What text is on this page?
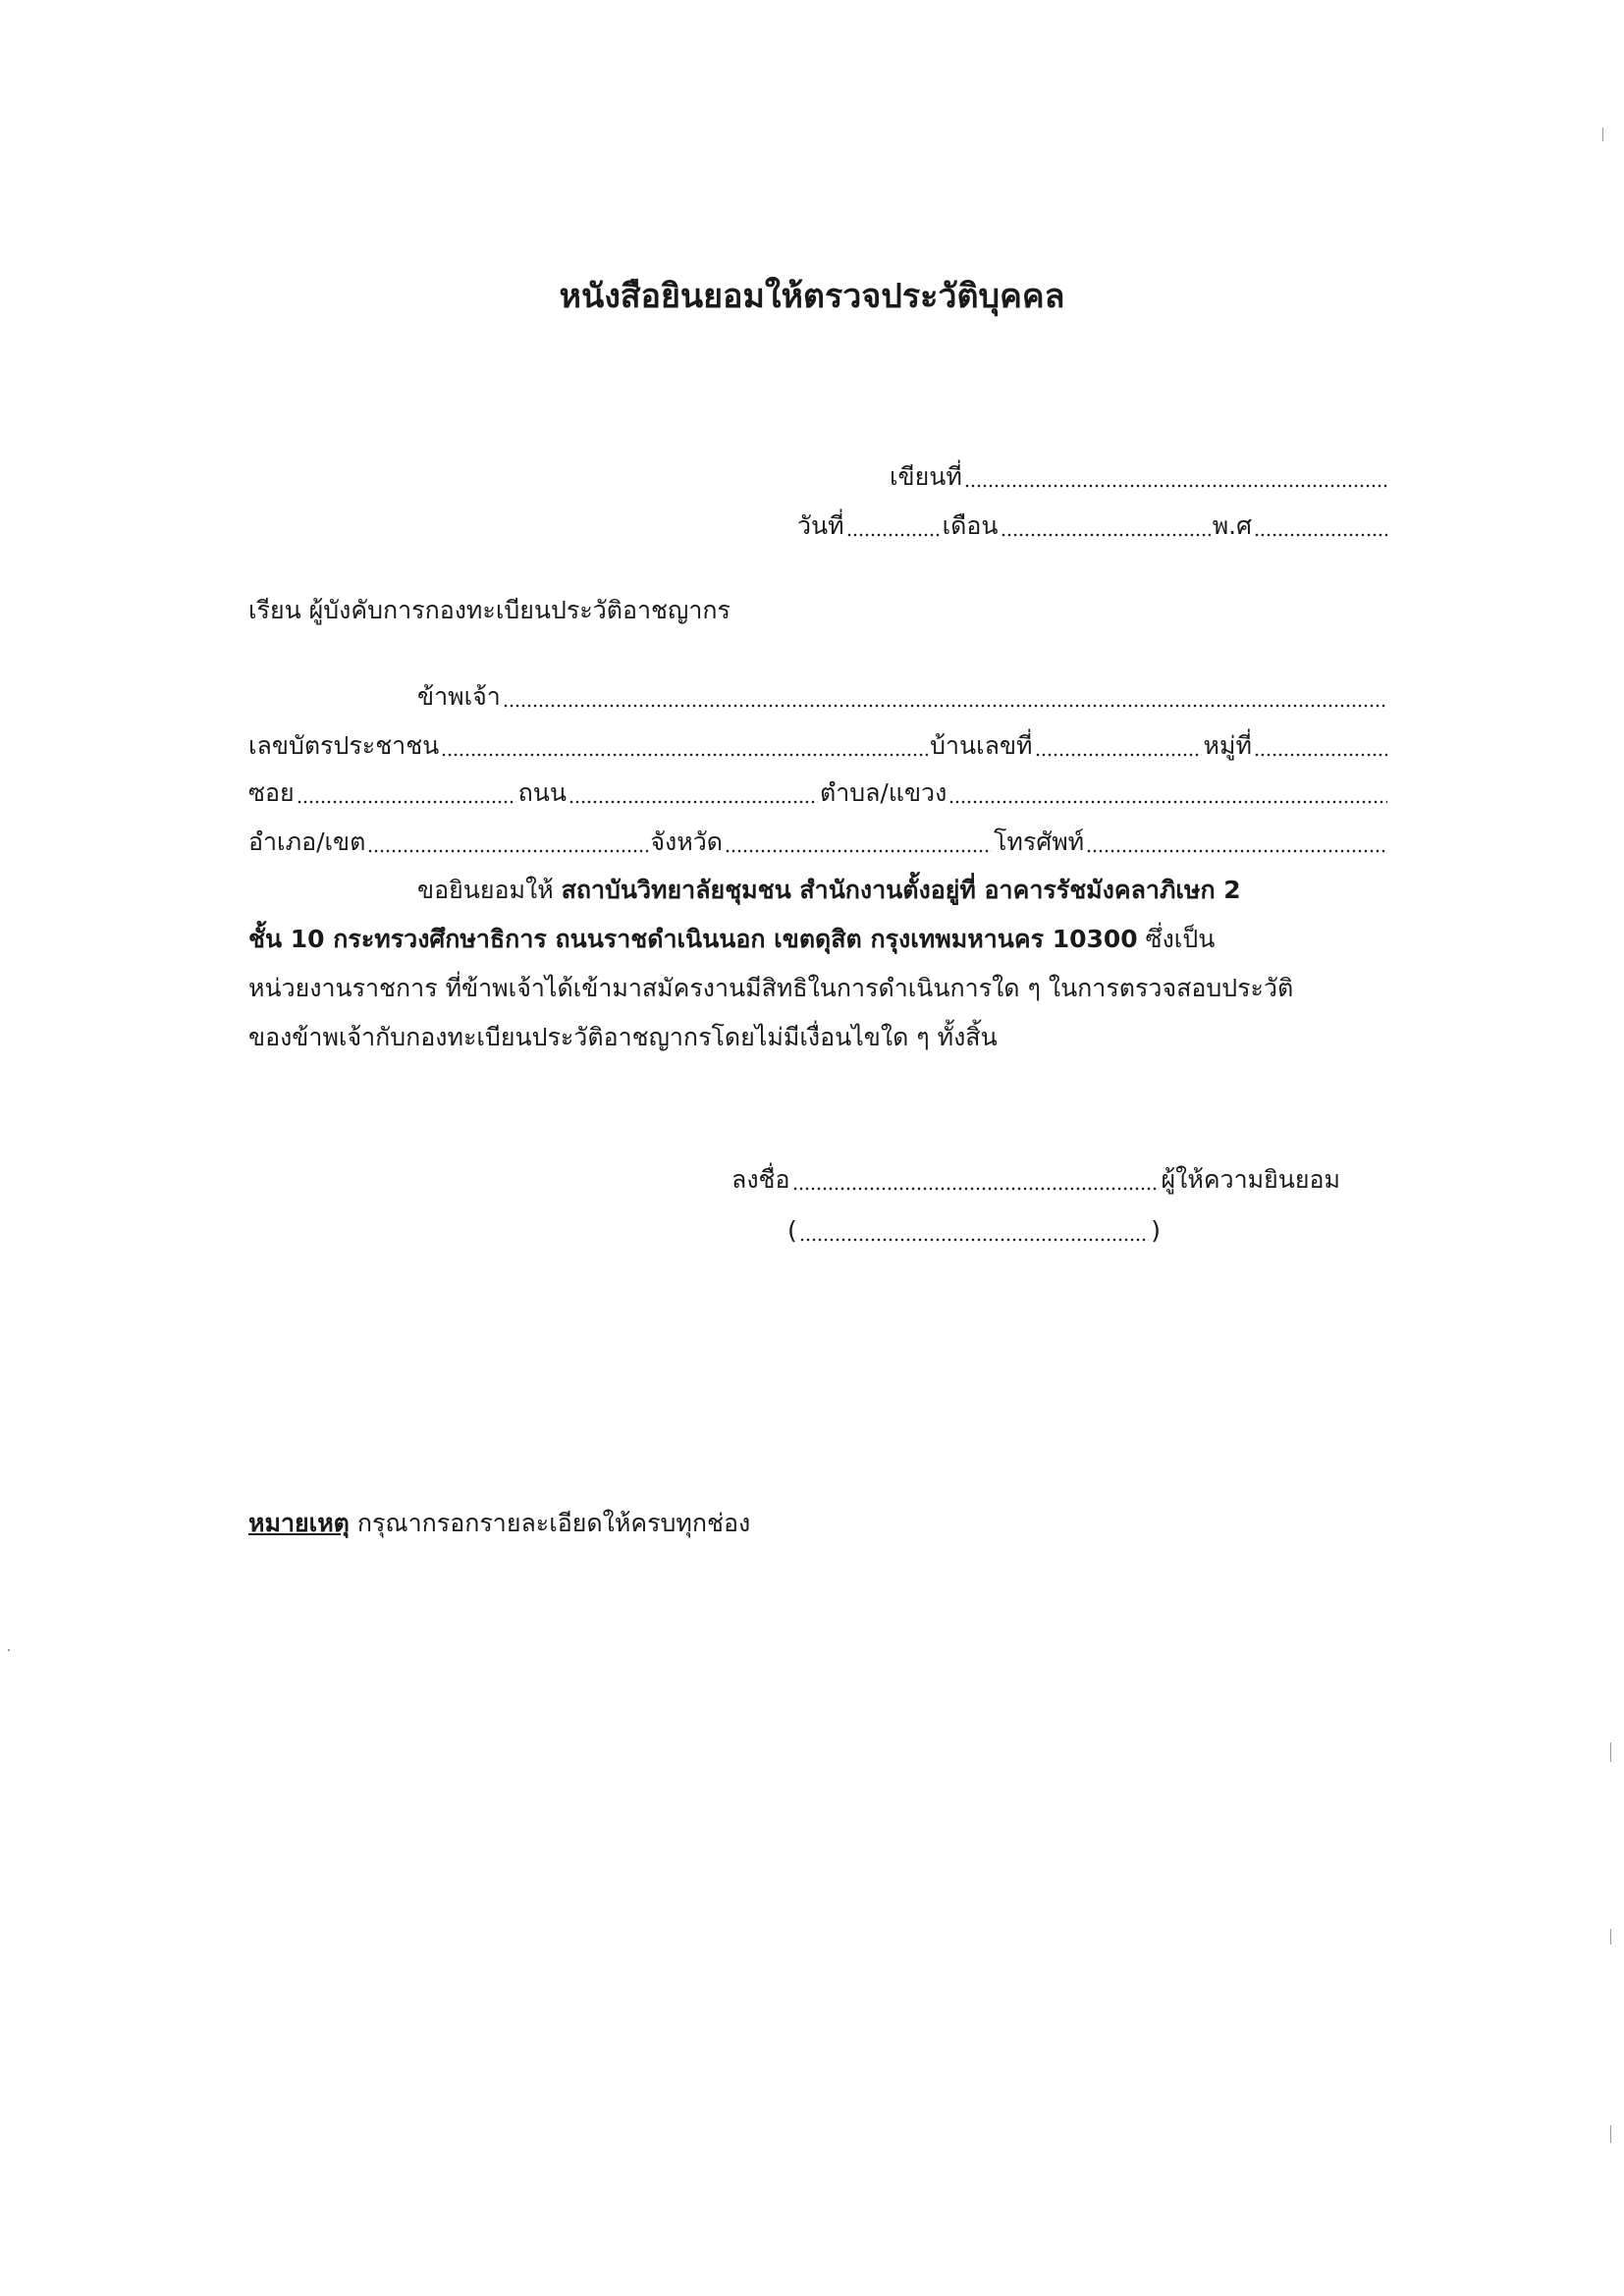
หนังสือยินยอมให้ตรวจประวัติบุคคล
เขียนที่
วันที่	เดือน	พ.ศ
เรียน ผู้บังคับการกองทะเบียนประวัติอาชญากร
ข้าพเจ้า
เลขบัตรประชาชน	บ้านเลขที่	หมู่ที่
ซอย	ถนน	ตำบล/แขวง
อำเภอ/เขต	จังหวัด	โทรศัพท์
ขอยินยอมให้ สถาบันวิทยาลัยชุมชน สำนักงานตั้งอยู่ที่ อาคารรัชมังคลาภิเษก 2
ชั้น 10 กระทรวงศึกษาธิการ ถนนราชดำเนินนอก เขตดุสิต กรุงเทพมหานคร 10300 ซึ่งเป็น
หน่วยงานราชการ ที่ข้าพเจ้าได้เข้ามาสมัครงานมีสิทธิในการดำเนินการใด ๆ ในการตรวจสอบประวัติ
ของข้าพเจ้ากับกองทะเบียนประวัติอาชญากรโดยไม่มีเงื่อนไขใด ๆ ทั้งสิ้น
ลงชื่อ	ผู้ให้ความยินยอม
(	)
หมายเหตุ กรุณากรอกรายละเอียดให้ครบทุกช่อง
